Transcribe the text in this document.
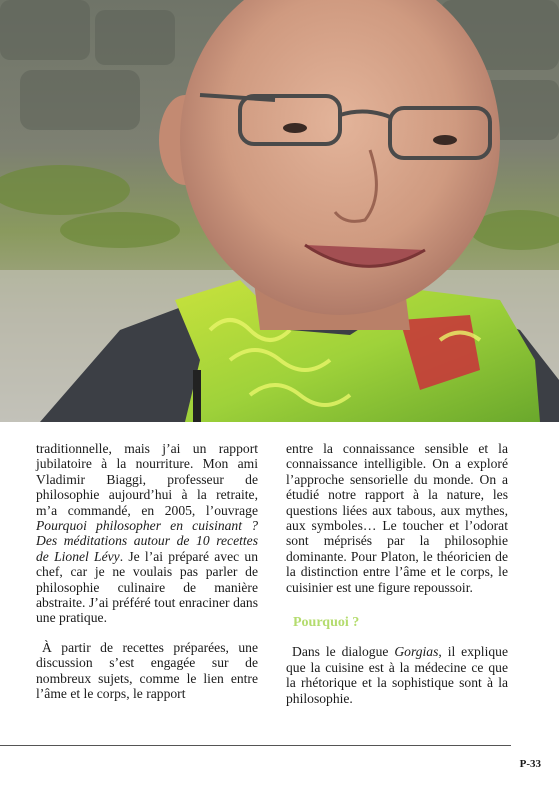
traditionnelle, mais j’ai un rapport jubilatoire à la nourriture. Mon ami Vladimir Biaggi, professeur de philosophie aujourd’hui à la retraite, m’a commandé, en 2005, l’ouvrage Pourquoi philosopher en cuisinant ? Des méditations autour de 10 recettes de Lionel Lévy. Je l’ai préparé avec un chef, car je ne voulais pas parler de philosophie culinaire de manière abstraite. J’ai préféré tout enraciner dans une pratique.

À partir de recettes préparées, une discussion s’est engagée sur de nombreux sujets, comme le lien entre l’âme et le corps, le rapport

entre la connaissance sensible et la connaissance intelligible. On a exploré l’approche sensorielle du monde. On a étudié notre rapport à la nature, les questions liées aux tabous, aux mythes, aux symboles… Le toucher et l’odorat sont méprisés par la philosophie dominante. Pour Platon, le théoricien de la distinction entre l’âme et le corps, le cuisinier est une figure repoussoir.

Pourquoi ?

Dans le dialogue Gorgias, il explique que la cuisine est à la médecine ce que la rhétorique et la sophistique sont à la philosophie.

P-33
